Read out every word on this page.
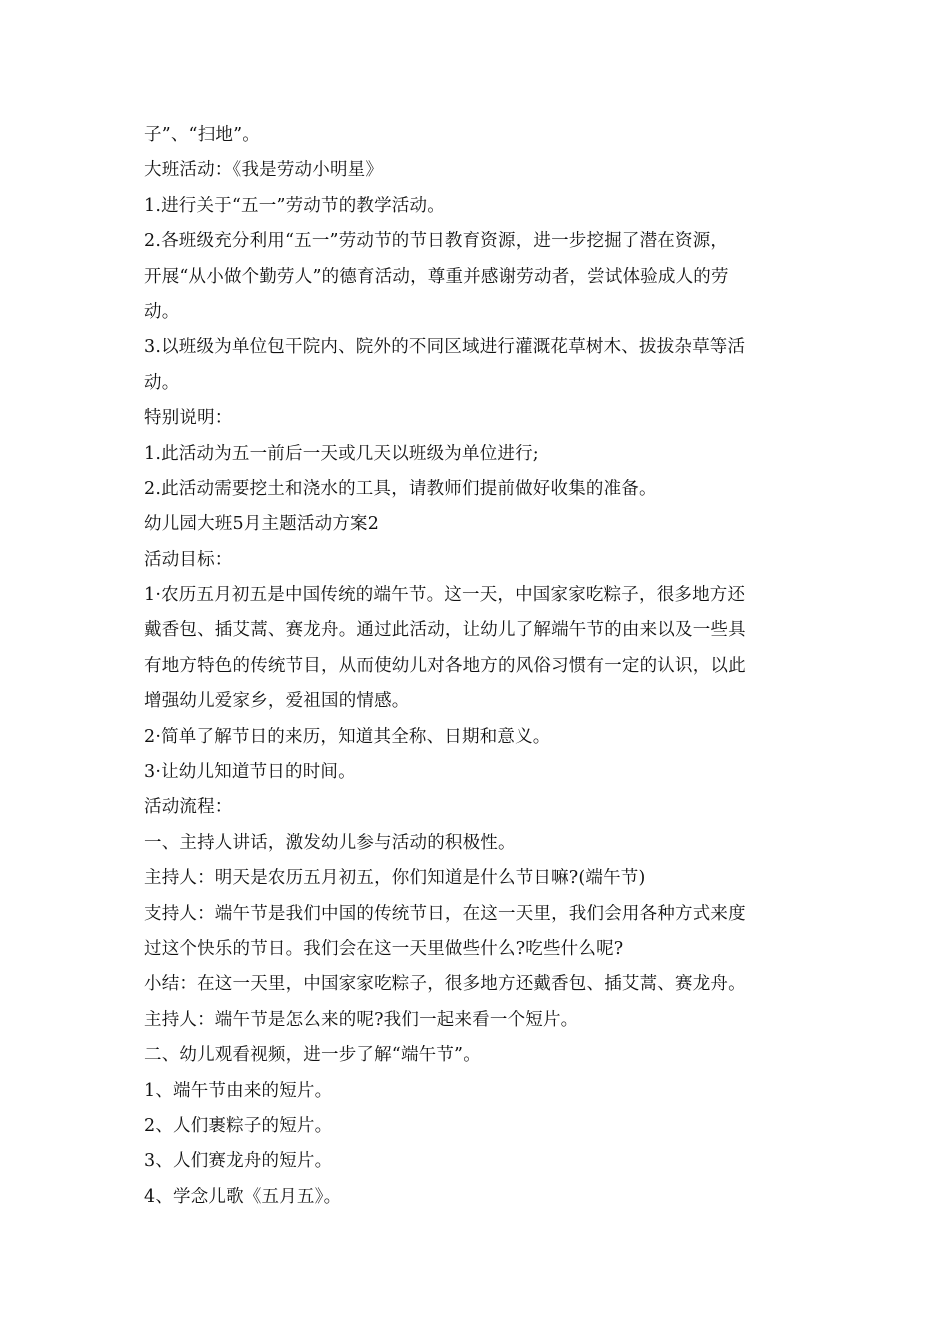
子”、“扫地”。
大班活动：《我是劳动小明星》
1.进行关于“五一”劳动节的教学活动。
2.各班级充分利用“五一”劳动节的节日教育资源，进一步挖掘了潜在资源，
开展“从小做个勤劳人”的德育活动，尊重并感谢劳动者，尝试体验成人的劳
动。
3.以班级为单位包干院内、院外的不同区域进行灌溉花草树木、拔拔杂草等活
动。
特别说明：
1.此活动为五一前后一天或几天以班级为单位进行;
2.此活动需要挖土和浇水的工具，请教师们提前做好收集的准备。
幼儿园大班5月主题活动方案2
活动目标：
1·农历五月初五是中国传统的端午节。这一天，中国家家吃粽子，很多地方还
戴香包、插艾蒿、赛龙舟。通过此活动，让幼儿了解端午节的由来以及一些具
有地方特色的传统节目，从而使幼儿对各地方的风俗习惯有一定的认识，以此
增强幼儿爱家乡，爱祖国的情感。
2·简单了解节日的来历，知道其全称、日期和意义。
3·让幼儿知道节日的时间。
活动流程：
一、主持人讲话，激发幼儿参与活动的积极性。
主持人：明天是农历五月初五，你们知道是什么节日嘛?(端午节)
支持人：端午节是我们中国的传统节日，在这一天里，我们会用各种方式来度
过这个快乐的节日。我们会在这一天里做些什么?吃些什么呢?
小结：在这一天里，中国家家吃粽子，很多地方还戴香包、插艾蒿、赛龙舟。
主持人：端午节是怎么来的呢?我们一起来看一个短片。
二、幼儿观看视频，进一步了解“端午节”。
1、端午节由来的短片。
2、人们裹粽子的短片。
3、人们赛龙舟的短片。
4、学念儿歌《五月五》。
